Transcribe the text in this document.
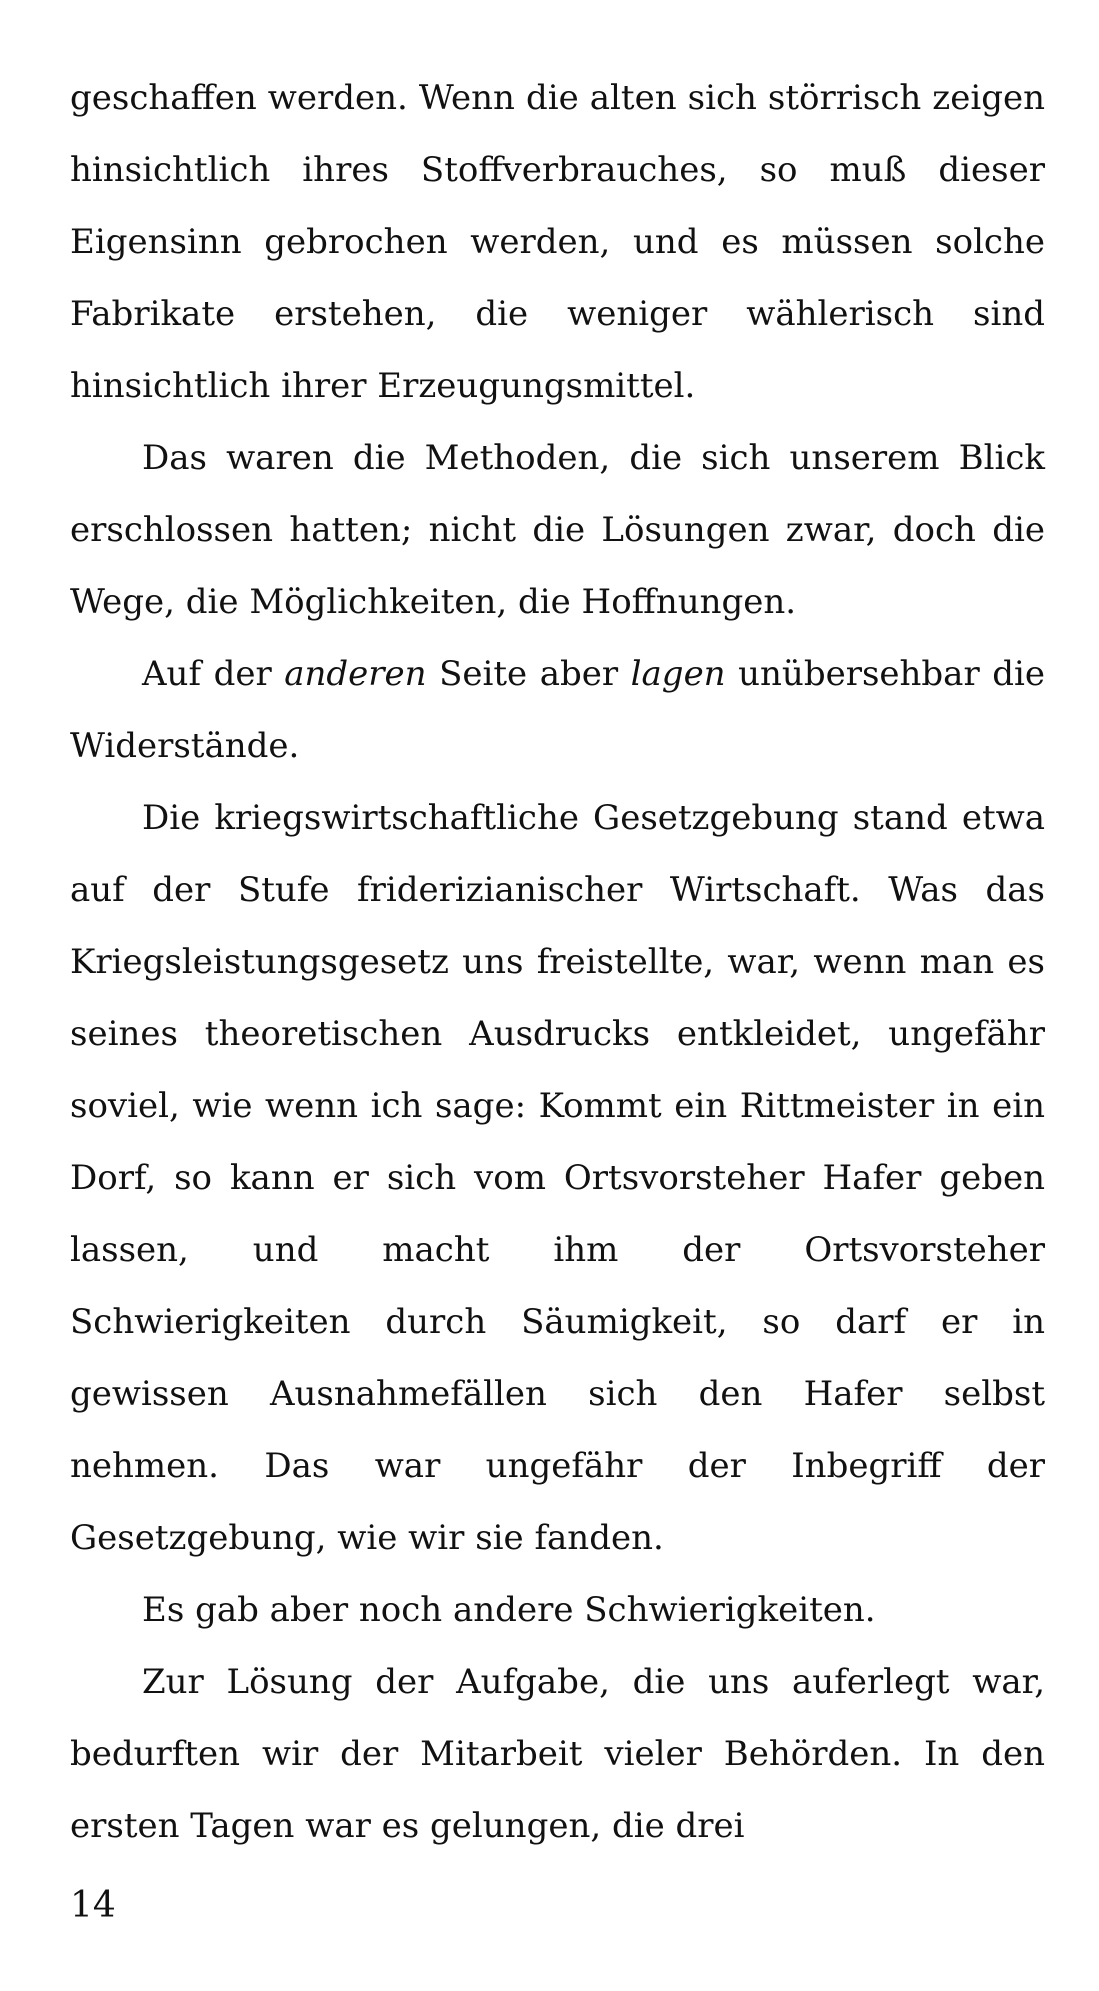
geschaffen werden. Wenn die alten sich störrisch zeigen hinsichtlich ihres Stoffverbrauches, so muß dieser Eigensinn gebrochen werden, und es müssen solche Fabrikate erstehen, die weniger wählerisch sind hinsichtlich ihrer Erzeugungsmittel.

Das waren die Methoden, die sich unserem Blick erschlossen hatten; nicht die Lösungen zwar, doch die Wege, die Möglichkeiten, die Hoffnungen.

Auf der anderen Seite aber lagen unübersehbar die Widerstände.

Die kriegswirtschaftliche Gesetzgebung stand etwa auf der Stufe friderizianischer Wirtschaft. Was das Kriegsleistungsgesetz uns freistellte, war, wenn man es seines theoretischen Ausdrucks entkleidet, ungefähr soviel, wie wenn ich sage: Kommt ein Rittmeister in ein Dorf, so kann er sich vom Ortsvorsteher Hafer geben lassen, und macht ihm der Ortsvorsteher Schwierigkeiten durch Säumigkeit, so darf er in gewissen Ausnahmefällen sich den Hafer selbst nehmen. Das war ungefähr der Inbegriff der Gesetzgebung, wie wir sie fanden.

Es gab aber noch andere Schwierigkeiten.

Zur Lösung der Aufgabe, die uns auferlegt war, bedurften wir der Mitarbeit vieler Behörden. In den ersten Tagen war es gelungen, die drei

14
